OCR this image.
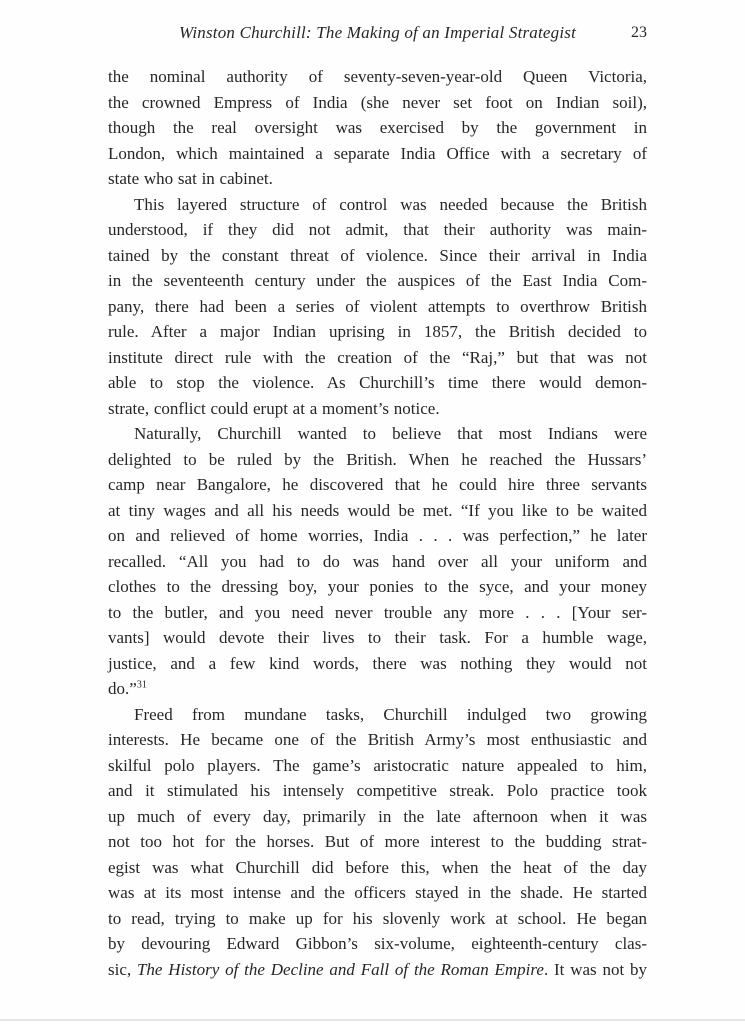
Winston Churchill: The Making of an Imperial Strategist	23
the nominal authority of seventy-seven-year-old Queen Victoria,
the crowned Empress of India (she never set foot on Indian soil),
though the real oversight was exercised by the government in
London, which maintained a separate India Office with a secretary of
state who sat in cabinet.
This layered structure of control was needed because the British
understood, if they did not admit, that their authority was main-
tained by the constant threat of violence. Since their arrival in India
in the seventeenth century under the auspices of the East India Com-
pany, there had been a series of violent attempts to overthrow British
rule. After a major Indian uprising in 1857, the British decided to
institute direct rule with the creation of the “Raj,” but that was not
able to stop the violence. As Churchill’s time there would demon-
strate, conflict could erupt at a moment’s notice.
Naturally, Churchill wanted to believe that most Indians were
delighted to be ruled by the British. When he reached the Hussars’
camp near Bangalore, he discovered that he could hire three servants
at tiny wages and all his needs would be met. “If you like to be waited
on and relieved of home worries, India . . . was perfection,” he later
recalled. “All you had to do was hand over all your uniform and
clothes to the dressing boy, your ponies to the syce, and your money
to the butler, and you need never trouble any more . . . [Your ser-
vants] would devote their lives to their task. For a humble wage,
justice, and a few kind words, there was nothing they would not
do.”$^{31}$
Freed from mundane tasks, Churchill indulged two growing
interests. He became one of the British Army’s most enthusiastic and
skilful polo players. The game’s aristocratic nature appealed to him,
and it stimulated his intensely competitive streak. Polo practice took
up much of every day, primarily in the late afternoon when it was
not too hot for the horses. But of more interest to the budding strat-
egist was what Churchill did before this, when the heat of the day
was at its most intense and the officers stayed in the shade. He started
to read, trying to make up for his slovenly work at school. He began
by devouring Edward Gibbon’s six-volume, eighteenth-century clas-
sic, The History of the Decline and Fall of the Roman Empire. It was not by
